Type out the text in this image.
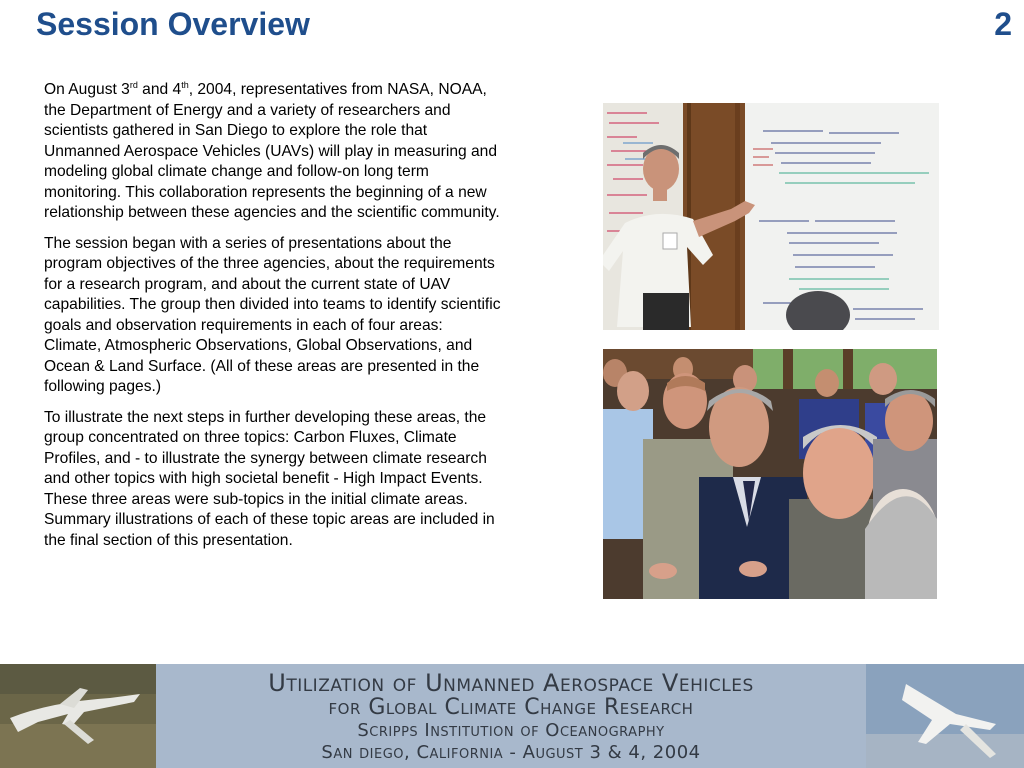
Session Overview	2

On August 3rd and 4th, 2004, representatives from NASA, NOAA, the Department of Energy and a variety of researchers and scientists gathered in San Diego to explore the role that Unmanned Aerospace Vehicles (UAVs) will play in measuring and modeling global climate change and follow-on long term monitoring. This collaboration represents the beginning of a new relationship between these agencies and the scientific community.

The session began with a series of presentations about the program objectives of the three agencies, about the requirements for a research program, and about the current state of UAV capabilities. The group then divided into teams to identify scientific goals and observation requirements in each of four areas: Climate, Atmospheric Observations, Global Observations, and Ocean & Land Surface. (All of these areas are presented in the following pages.)

To illustrate the next steps in further developing these areas, the group concentrated on three topics: Carbon Fluxes, Climate Profiles, and - to illustrate the synergy between climate research and other topics with high societal benefit - High Impact Events. These three areas were sub-topics in the initial climate areas. Summary illustrations of each of these topic areas are included in the final section of this presentation.

Utilization of Unmanned Aerospace Vehicles
for Global Climate Change Research
Scripps Institution of Oceanography
San diego, California - August 3 & 4, 2004
